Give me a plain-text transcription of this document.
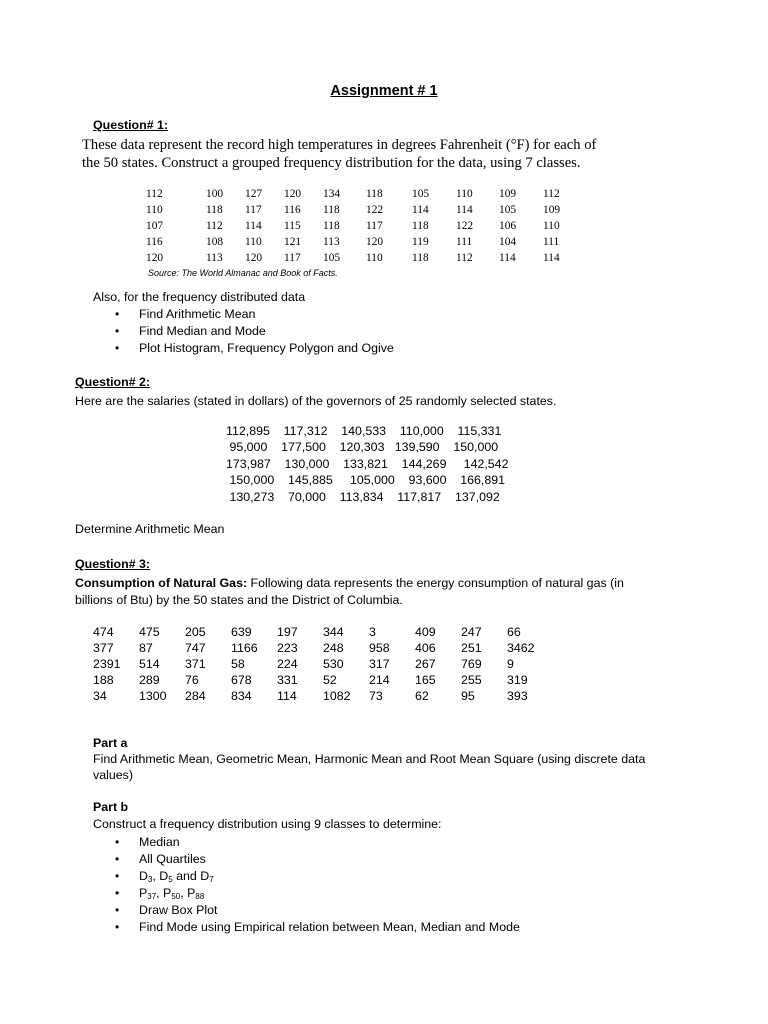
Assignment # 1
Question# 1:
These data represent the record high temperatures in degrees Fahrenheit (°F) for each of
the 50 states. Construct a grouped frequency distribution for the data, using 7 classes.
112	100	127	120	134	118	105	110	109	112
110	118	117	116	118	122	114	114	105	109
107	112	114	115	118	117	118	122	106	110
116	108	110	121	113	120	119	111	104	111
120	113	120	117	105	110	118	112	114	114
Source: The World Almanac and Book of Facts.
Also, for the frequency distributed data
• Find Arithmetic Mean
• Find Median and Mode
• Plot Histogram, Frequency Polygon and Ogive
Question# 2:
Here are the salaries (stated in dollars) of the governors of 25 randomly selected states.
112,895    117,312    140,533    110,000    115,331
95,000    177,500    120,303   139,590    150,000
173,987    130,000    133,821    144,269     142,542
150,000    145,885     105,000    93,600    166,891
130,273    70,000    113,834    117,817    137,092
Determine Arithmetic Mean
Question# 3:
Consumption of Natural Gas: Following data represents the energy consumption of natural gas (in
billions of Btu) by the 50 states and the District of Columbia.
474	475	205	639	197	344	3	409	247	66
377	87	747	1166	223	248	958	406	251	3462
2391	514	371	58	224	530	317	267	769	9
188	289	76	678	331	52	214	165	255	319
34	1300	284	834	114	1082	73	62	95	393
Part a
Find Arithmetic Mean, Geometric Mean, Harmonic Mean and Root Mean Square (using discrete data
values)
Part b
Construct a frequency distribution using 9 classes to determine:
• Median
• All Quartiles
• $D_3$, $D_5$ and $D_7$
• $P_{37}$, $P_{50}$, $P_{88}$
• Draw Box Plot
• Find Mode using Empirical relation between Mean, Median and Mode
